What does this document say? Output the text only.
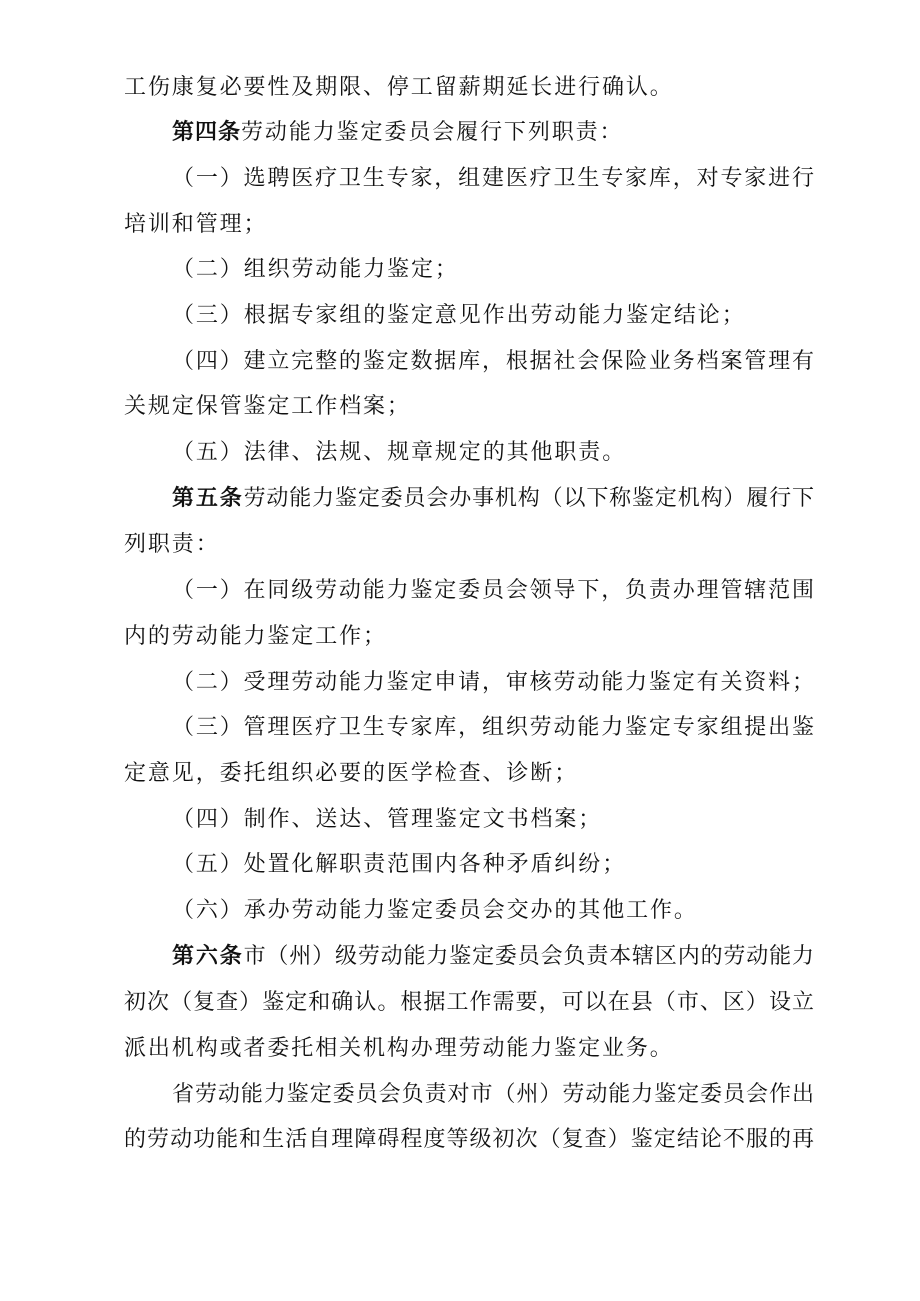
工伤康复必要性及期限、停工留薪期延长进行确认。
第四条劳动能力鉴定委员会履行下列职责：
（一）选聘医疗卫生专家，组建医疗卫生专家库，对专家进行
培训和管理；
（二）组织劳动能力鉴定；
（三）根据专家组的鉴定意见作出劳动能力鉴定结论；
（四）建立完整的鉴定数据库，根据社会保险业务档案管理有
关规定保管鉴定工作档案；
（五）法律、法规、规章规定的其他职责。
第五条劳动能力鉴定委员会办事机构（以下称鉴定机构）履行下
列职责：
（一）在同级劳动能力鉴定委员会领导下，负责办理管辖范围
内的劳动能力鉴定工作；
（二）受理劳动能力鉴定申请，审核劳动能力鉴定有关资料；
（三）管理医疗卫生专家库，组织劳动能力鉴定专家组提出鉴
定意见，委托组织必要的医学检查、诊断；
（四）制作、送达、管理鉴定文书档案；
（五）处置化解职责范围内各种矛盾纠纷；
（六）承办劳动能力鉴定委员会交办的其他工作。
第六条市（州）级劳动能力鉴定委员会负责本辖区内的劳动能力
初次（复查）鉴定和确认。根据工作需要，可以在县（市、区）设立
派出机构或者委托相关机构办理劳动能力鉴定业务。
省劳动能力鉴定委员会负责对市（州）劳动能力鉴定委员会作出
的劳动功能和生活自理障碍程度等级初次（复查）鉴定结论不服的再
